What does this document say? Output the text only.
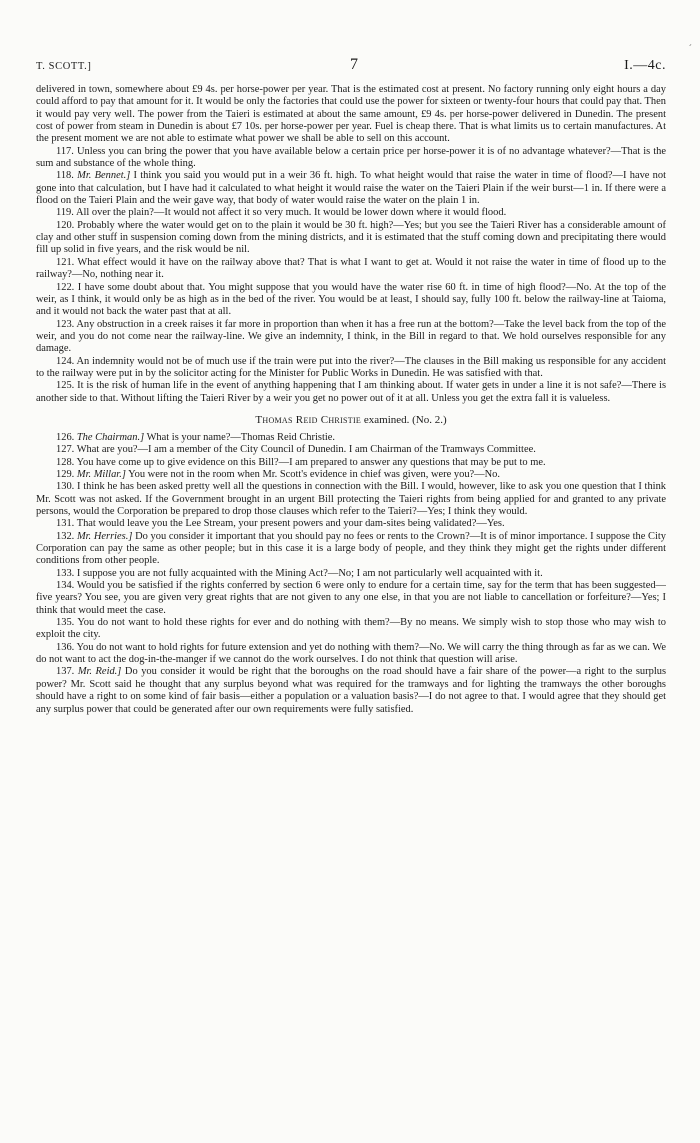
ˊ
T. SCOTT.]	7	I.—4c.

delivered in town, somewhere about £9 4s. per horse-power per year. That is the estimated cost at present. No factory running only eight hours a day could afford to pay that amount for it. It would be only the factories that could use the power for sixteen or twenty-four hours that could pay that. Then it would pay very well. The power from the Taieri is estimated at about the same amount, £9 4s. per horse-power delivered in Dunedin. The present cost of power from steam in Dunedin is about £7 10s. per horse-power per year. Fuel is cheap there. That is what limits us to certain manufactures. At the present moment we are not able to estimate what power we shall be able to sell on this account.

117. Unless you can bring the power that you have available below a certain price per horse-power it is of no advantage whatever?—That is the sum and substance of the whole thing.

118. Mr. Bennet.] I think you said you would put in a weir 36 ft. high. To what height would that raise the water in time of flood?—I have not gone into that calculation, but I have had it calculated to what height it would raise the water on the Taieri Plain if the weir burst—1 in. If there were a flood on the Taieri Plain and the weir gave way, that body of water would raise the water on the plain 1 in.

119. All over the plain?—It would not affect it so very much. It would be lower down where it would flood.

120. Probably where the water would get on to the plain it would be 30 ft. high?—Yes; but you see the Taieri River has a considerable amount of clay and other stuff in suspension coming down from the mining districts, and it is estimated that the stuff coming down and precipitating there would fill up solid in five years, and the risk would be nil.

121. What effect would it have on the railway above that? That is what I want to get at. Would it not raise the water in time of flood up to the railway?—No, nothing near it.

122. I have some doubt about that. You might suppose that you would have the water rise 60 ft. in time of high flood?—No. At the top of the weir, as I think, it would only be as high as in the bed of the river. You would be at least, I should say, fully 100 ft. below the railway-line at Taioma, and it would not back the water past that at all.

123. Any obstruction in a creek raises it far more in proportion than when it has a free run at the bottom?—Take the level back from the top of the weir, and you do not come near the railway-line. We give an indemnity, I think, in the Bill in regard to that. We hold ourselves responsible for any damage.

124. An indemnity would not be of much use if the train were put into the river?—The clauses in the Bill making us responsible for any accident to the railway were put in by the solicitor acting for the Minister for Public Works in Dunedin. He was satisfied with that.

125. It is the risk of human life in the event of anything happening that I am thinking about. If water gets in under a line it is not safe?—There is another side to that. Without lifting the Taieri River by a weir you get no power out of it at all. Unless you get the extra fall it is valueless.

Thomas Reid Christie examined. (No. 2.)

126. The Chairman.] What is your name?—Thomas Reid Christie.

127. What are you?—I am a member of the City Council of Dunedin. I am Chairman of the Tramways Committee.

128. You have come up to give evidence on this Bill?—I am prepared to answer any questions that may be put to me.

129. Mr. Millar.] You were not in the room when Mr. Scott's evidence in chief was given, were you?—No.

130. I think he has been asked pretty well all the questions in connection with the Bill. I would, however, like to ask you one question that I think Mr. Scott was not asked. If the Government brought in an urgent Bill protecting the Taieri rights from being applied for and granted to any private persons, would the Corporation be prepared to drop those clauses which refer to the Taieri?—Yes; I think they would.

131. That would leave you the Lee Stream, your present powers and your dam-sites being validated?—Yes.

132. Mr. Herries.] Do you consider it important that you should pay no fees or rents to the Crown?—It is of minor importance. I suppose the City Corporation can pay the same as other people; but in this case it is a large body of people, and they think they might get the rights under different conditions from other people.

133. I suppose you are not fully acquainted with the Mining Act?—No; I am not particularly well acquainted with it.

134. Would you be satisfied if the rights conferred by section 6 were only to endure for a certain time, say for the term that has been suggested—five years? You see, you are given very great rights that are not given to any one else, in that you are not liable to cancellation or forfeiture?—Yes; I think that would meet the case.

135. You do not want to hold these rights for ever and do nothing with them?—By no means. We simply wish to stop those who may wish to exploit the city.

136. You do not want to hold rights for future extension and yet do nothing with them?—No. We will carry the thing through as far as we can. We do not want to act the dog-in-the-manger if we cannot do the work ourselves. I do not think that question will arise.

137. Mr. Reid.] Do you consider it would be right that the boroughs on the road should have a fair share of the power—a right to the surplus power? Mr. Scott said he thought that any surplus beyond what was required for the tramways and for lighting the tramways the other boroughs should have a right to on some kind of fair basis—either a population or a valuation basis?—I do not agree to that. I would agree that they should get any surplus power that could be generated after our own requirements were fully satisfied.
